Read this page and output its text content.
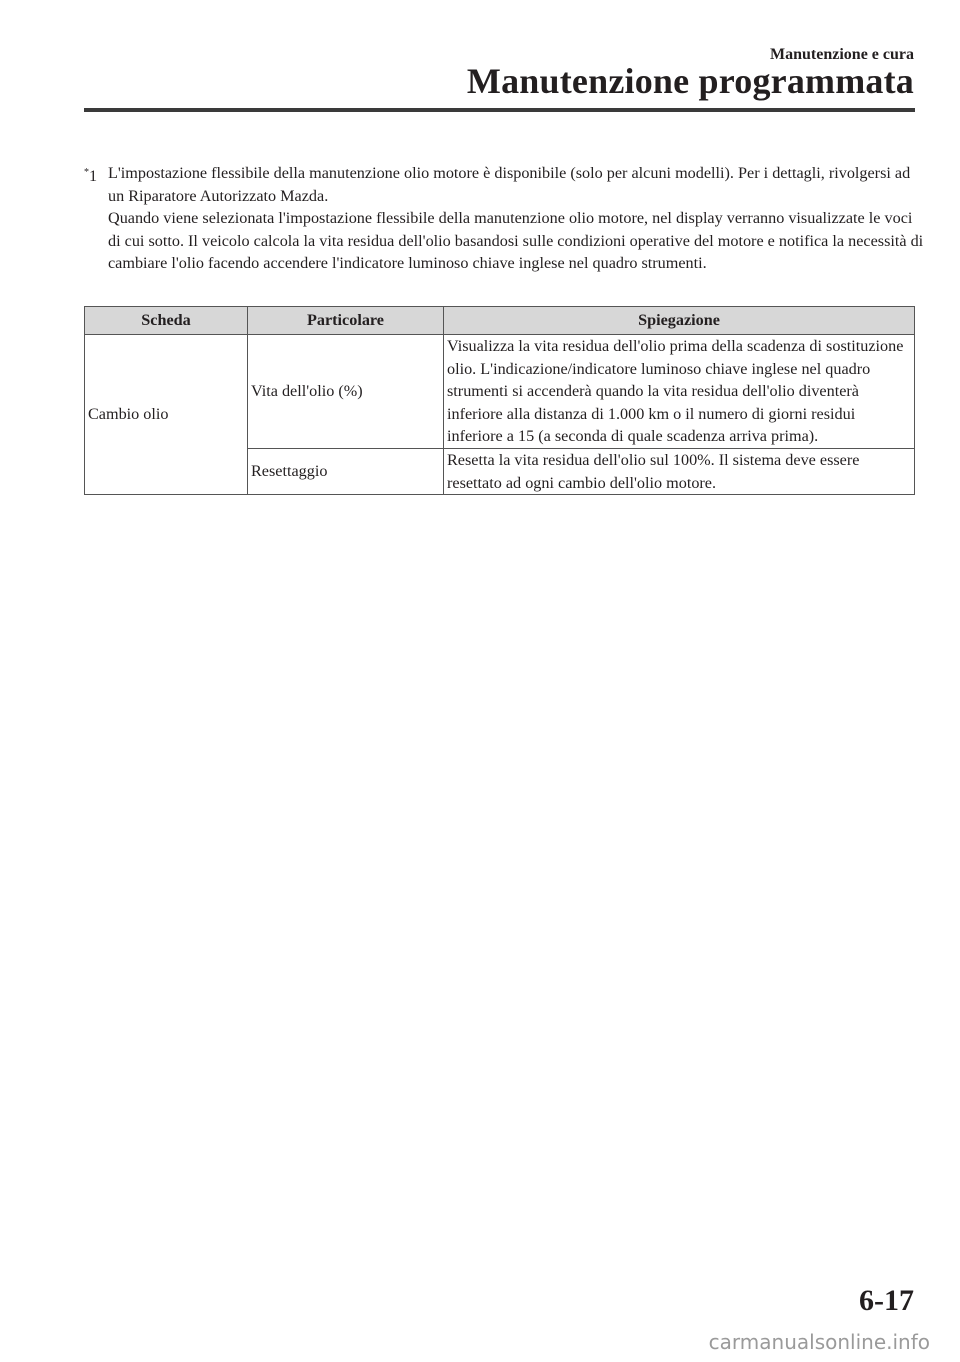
Manutenzione e cura
Manutenzione programmata
*1 L'impostazione flessibile della manutenzione olio motore è disponibile (solo per alcuni modelli). Per i dettagli, rivolgersi ad un Riparatore Autorizzato Mazda.

Quando viene selezionata l'impostazione flessibile della manutenzione olio motore, nel display verranno visualizzate le voci di cui sotto. Il veicolo calcola la vita residua dell'olio basandosi sulle condizioni operative del motore e notifica la necessità di cambiare l'olio facendo accendere l'indicatore luminoso chiave inglese nel quadro strumenti.

Scheda	Particolare	Spiegazione
Cambio olio	Vita dell'olio (%)	Visualizza la vita residua dell'olio prima della scadenza di sostituzione olio. L'indicazione/indicatore luminoso chiave inglese nel quadro strumenti si accenderà quando la vita residua dell'olio diventerà inferiore alla distanza di 1.000 km o il numero di giorni residui inferiore a 15 (a seconda di quale scadenza arriva prima).
	Resettaggio	Resetta la vita residua dell'olio sul 100%. Il sistema deve essere resettato ad ogni cambio dell'olio motore.
6-17
carmanualsonline.info
